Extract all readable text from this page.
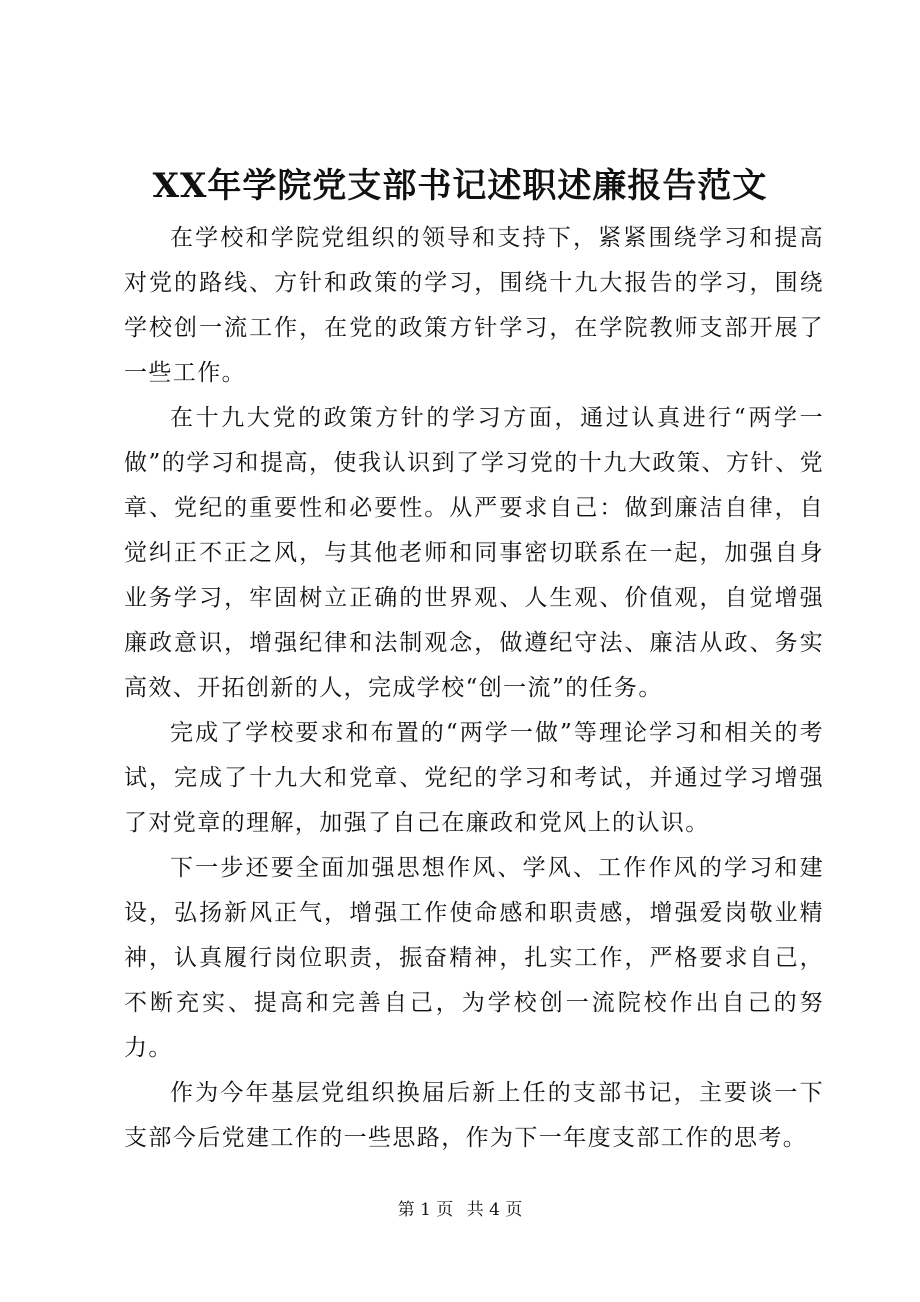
XX年学院党支部书记述职述廉报告范文

在学校和学院党组织的领导和支持下，紧紧围绕学习和提高对党的路线、方针和政策的学习，围绕十九大报告的学习，围绕学校创一流工作，在党的政策方针学习，在学院教师支部开展了一些工作。

在十九大党的政策方针的学习方面，通过认真进行“两学一做”的学习和提高，使我认识到了学习党的十九大政策、方针、党章、党纪的重要性和必要性。从严要求自己：做到廉洁自律，自觉纠正不正之风，与其他老师和同事密切联系在一起，加强自身业务学习，牢固树立正确的世界观、人生观、价值观，自觉增强廉政意识，增强纪律和法制观念，做遵纪守法、廉洁从政、务实高效、开拓创新的人，完成学校“创一流”的任务。

完成了学校要求和布置的“两学一做”等理论学习和相关的考试，完成了十九大和党章、党纪的学习和考试，并通过学习增强了对党章的理解，加强了自己在廉政和党风上的认识。

下一步还要全面加强思想作风、学风、工作作风的学习和建设，弘扬新风正气，增强工作使命感和职责感，增强爱岗敬业精神，认真履行岗位职责，振奋精神，扎实工作，严格要求自己，不断充实、提高和完善自己，为学校创一流院校作出自己的努力。

作为今年基层党组织换届后新上任的支部书记，主要谈一下支部今后党建工作的一些思路，作为下一年度支部工作的思考。

第 1 页 共 4 页
